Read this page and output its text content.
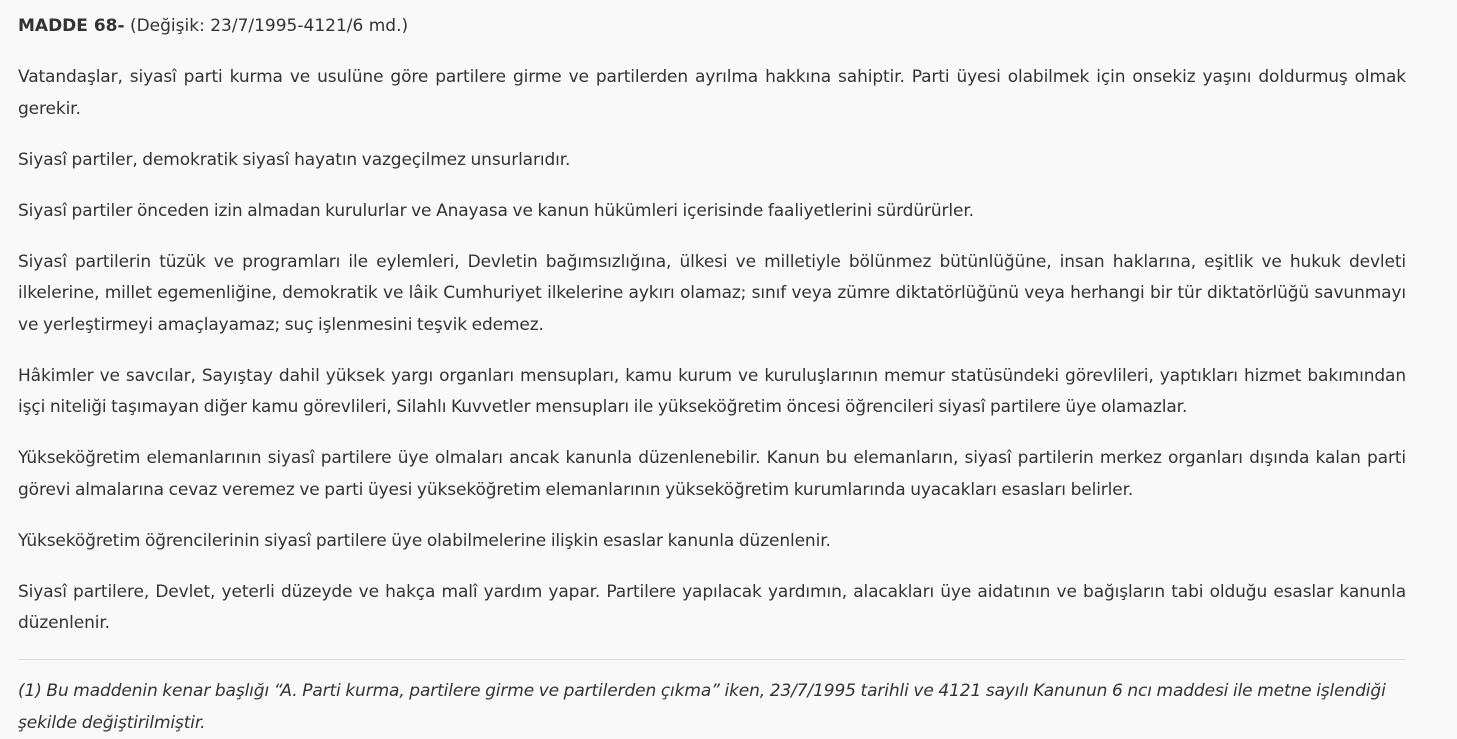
MADDE 68- (Değişik: 23/7/1995-4121/6 md.)

Vatandaşlar, siyasî parti kurma ve usulüne göre partilere girme ve partilerden ayrılma hakkına sahiptir. Parti üyesi olabilmek için onsekiz yaşını doldurmuş olmak gerekir.

Siyasî partiler, demokratik siyasî hayatın vazgeçilmez unsurlarıdır.

Siyasî partiler önceden izin almadan kurulurlar ve Anayasa ve kanun hükümleri içerisinde faaliyetlerini sürdürürler.

Siyasî partilerin tüzük ve programları ile eylemleri, Devletin bağımsızlığına, ülkesi ve milletiyle bölünmez bütünlüğüne, insan haklarına, eşitlik ve hukuk devleti ilkelerine, millet egemenliğine, demokratik ve lâik Cumhuriyet ilkelerine aykırı olamaz; sınıf veya zümre diktatörlüğünü veya herhangi bir tür diktatörlüğü savunmayı ve yerleştirmeyi amaçlayamaz; suç işlenmesini teşvik edemez.

Hâkimler ve savcılar, Sayıştay dahil yüksek yargı organları mensupları, kamu kurum ve kuruluşlarının memur statüsündeki görevlileri, yaptıkları hizmet bakımından işçi niteliği taşımayan diğer kamu görevlileri, Silahlı Kuvvetler mensupları ile yükseköğretim öncesi öğrencileri siyasî partilere üye olamazlar.

Yükseköğretim elemanlarının siyasî partilere üye olmaları ancak kanunla düzenlenebilir. Kanun bu elemanların, siyasî partilerin merkez organları dışında kalan parti görevi almalarına cevaz veremez ve parti üyesi yükseköğretim elemanlarının yükseköğretim kurumlarında uyacakları esasları belirler.

Yükseköğretim öğrencilerinin siyasî partilere üye olabilmelerine ilişkin esaslar kanunla düzenlenir.

Siyasî partilere, Devlet, yeterli düzeyde ve hakça malî yardım yapar. Partilere yapılacak yardımın, alacakları üye aidatının ve bağışların tabi olduğu esaslar kanunla düzenlenir.

(1) Bu maddenin kenar başlığı “A. Parti kurma, partilere girme ve partilerden çıkma” iken, 23/7/1995 tarihli ve 4121 sayılı Kanunun 6 ncı maddesi ile metne işlendiği şekilde değiştirilmiştir.
